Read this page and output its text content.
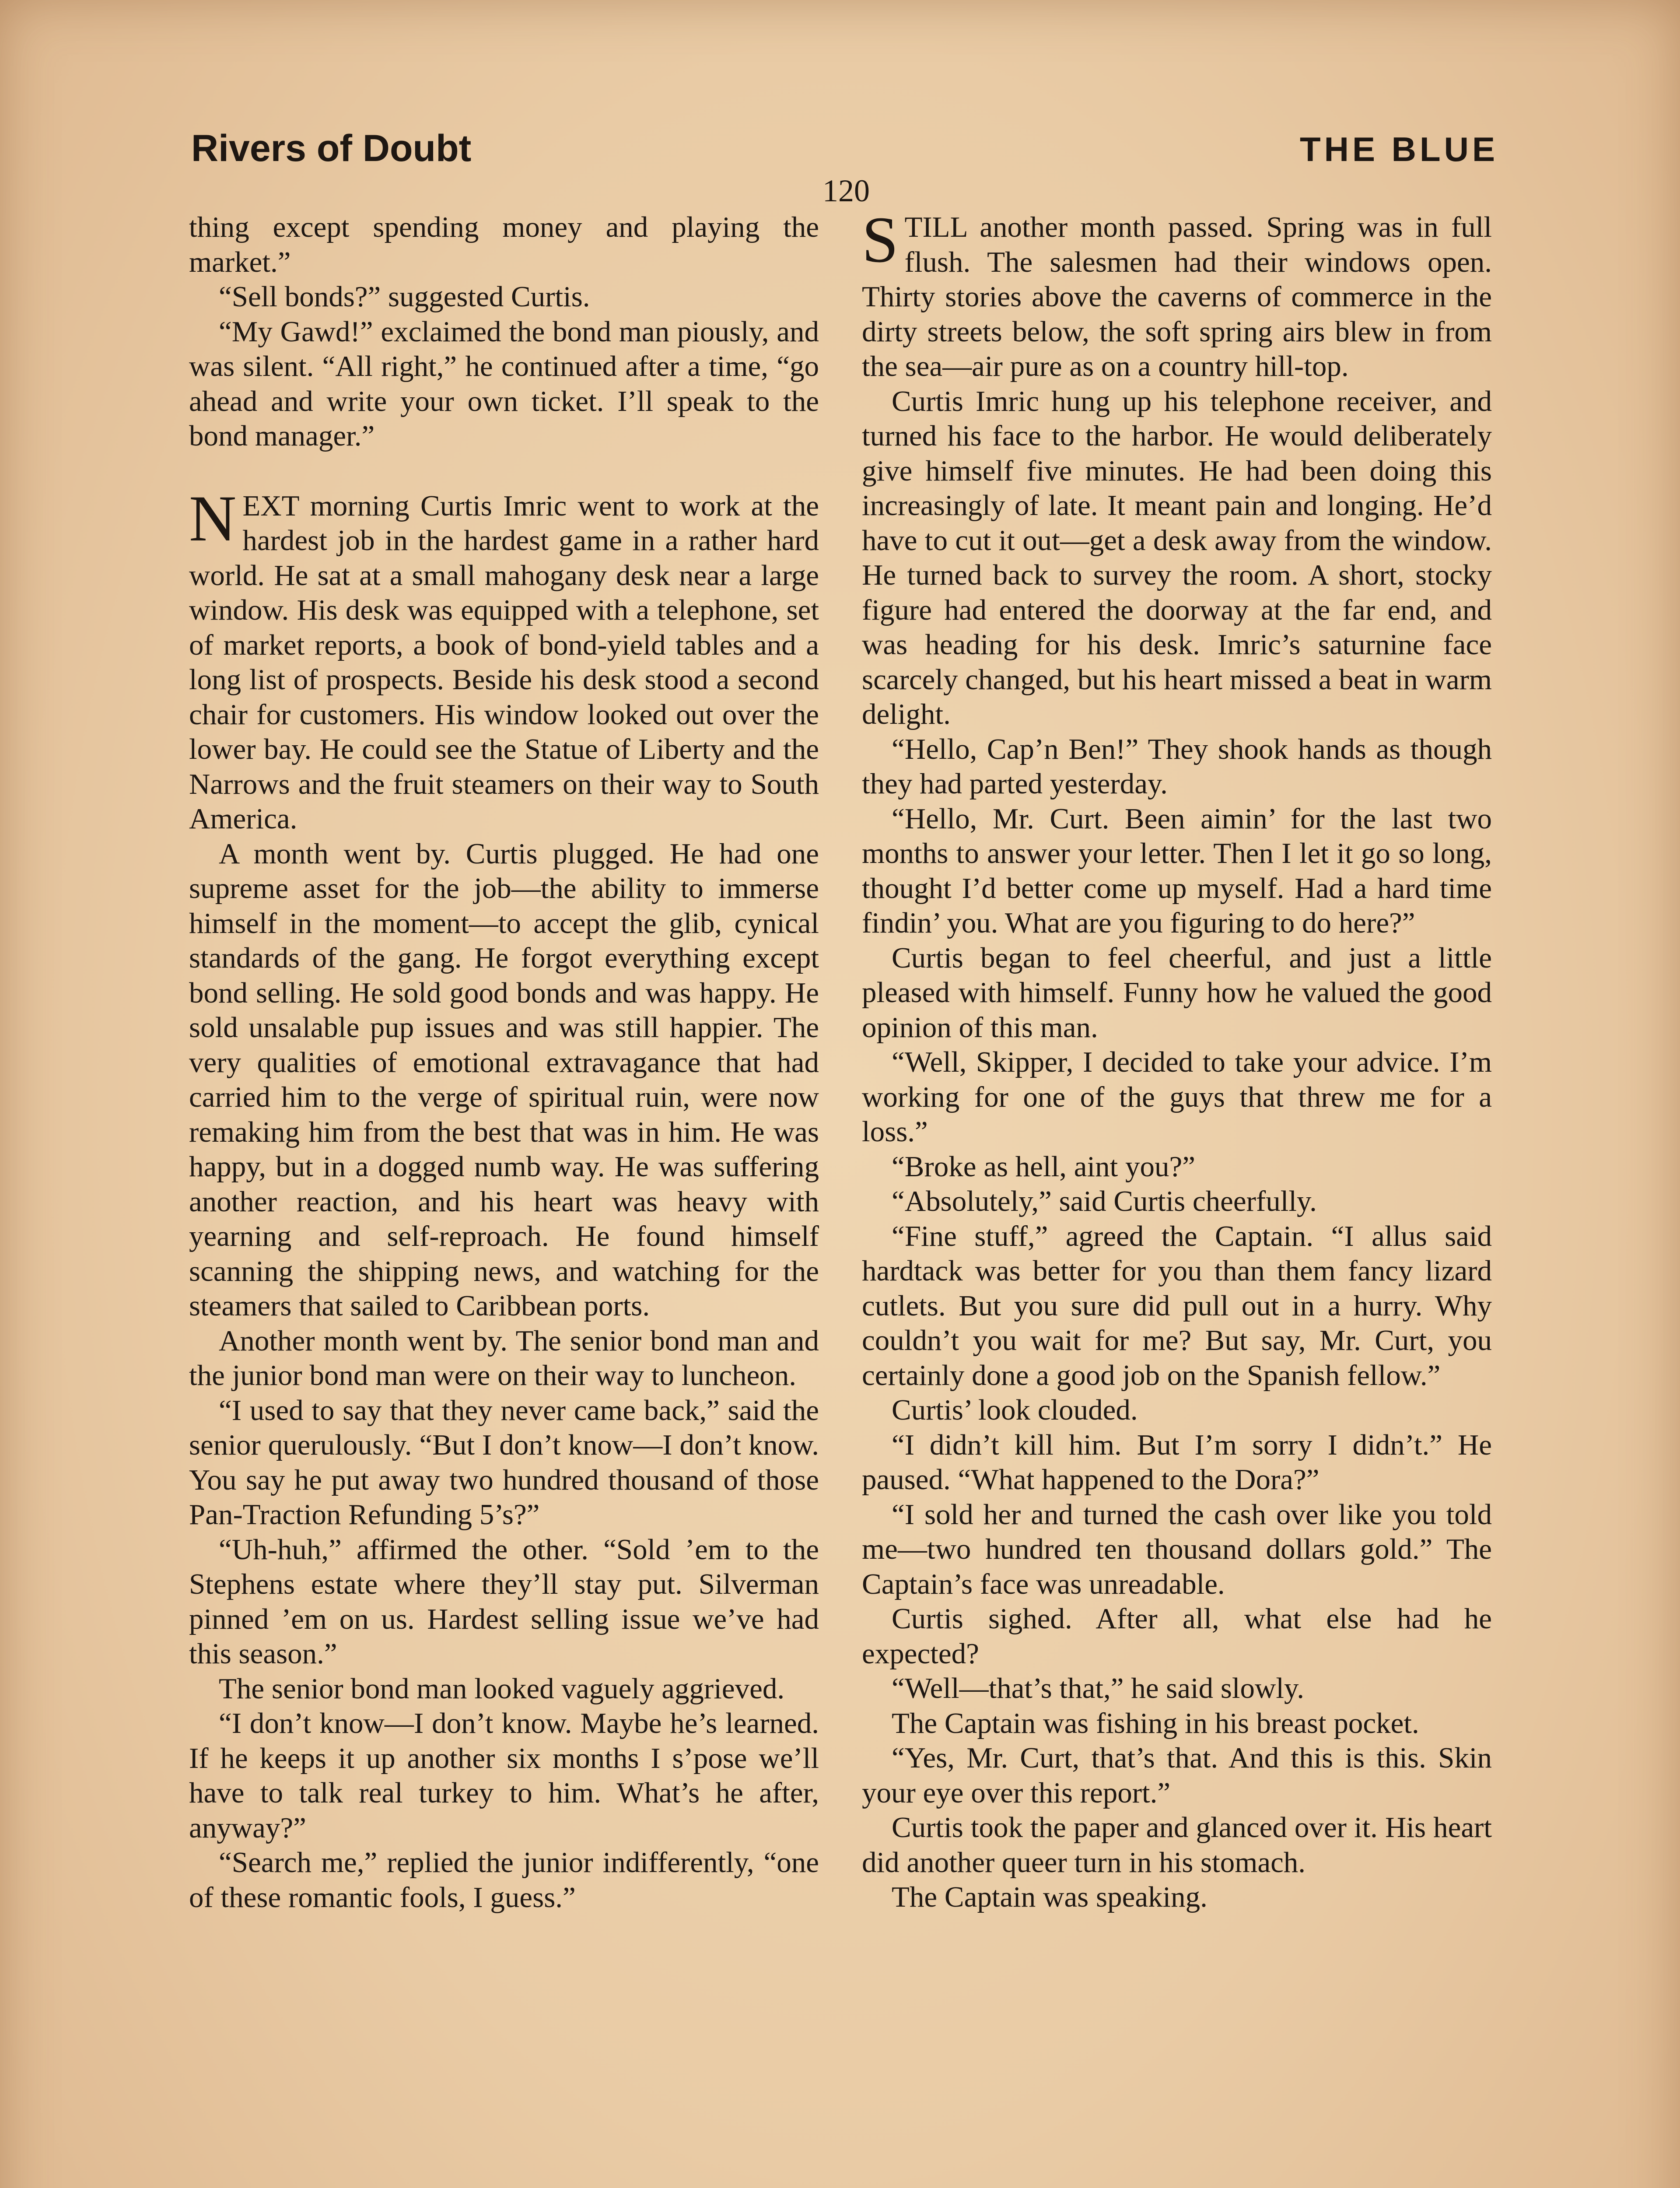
Rivers of Doubt	THE BLUE
120

thing except spending money and playing the market.”

“Sell bonds?” suggested Curtis.

“My Gawd!” exclaimed the bond man piously, and was silent. “All right,” he continued after a time, “go ahead and write your own ticket. I’ll speak to the bond manager.”

NEXT morning Curtis Imric went to work at the hardest job in the hardest game in a rather hard world. He sat at a small mahogany desk near a large window. His desk was equipped with a telephone, set of market reports, a book of bond-yield tables and a long list of prospects. Beside his desk stood a second chair for customers. His window looked out over the lower bay. He could see the Statue of Liberty and the Narrows and the fruit steamers on their way to South America.

A month went by. Curtis plugged. He had one supreme asset for the job—the ability to immerse himself in the moment—to accept the glib, cynical standards of the gang. He forgot everything except bond selling. He sold good bonds and was happy. He sold unsalable pup issues and was still happier. The very qualities of emotional extravagance that had carried him to the verge of spiritual ruin, were now remaking him from the best that was in him. He was happy, but in a dogged numb way. He was suffering another reaction, and his heart was heavy with yearning and self-reproach. He found himself scanning the shipping news, and watching for the steamers that sailed to Caribbean ports.

Another month went by. The senior bond man and the junior bond man were on their way to luncheon.

“I used to say that they never came back,” said the senior querulously. “But I don’t know—I don’t know. You say he put away two hundred thousand of those Pan-Traction Refunding 5’s?”

“Uh-huh,” affirmed the other. “Sold ’em to the Stephens estate where they’ll stay put. Silverman pinned ’em on us. Hardest selling issue we’ve had this season.”

The senior bond man looked vaguely aggrieved.

“I don’t know—I don’t know. Maybe he’s learned. If he keeps it up another six months I s’pose we’ll have to talk real turkey to him. What’s he after, anyway?”

“Search me,” replied the junior indifferently, “one of these romantic fools, I guess.”

STILL another month passed. Spring was in full flush. The salesmen had their windows open. Thirty stories above the caverns of commerce in the dirty streets below, the soft spring airs blew in from the sea—air pure as on a country hill-top.

Curtis Imric hung up his telephone receiver, and turned his face to the harbor. He would deliberately give himself five minutes. He had been doing this increasingly of late. It meant pain and longing. He’d have to cut it out—get a desk away from the window. He turned back to survey the room. A short, stocky figure had entered the doorway at the far end, and was heading for his desk. Imric’s saturnine face scarcely changed, but his heart missed a beat in warm delight.

“Hello, Cap’n Ben!” They shook hands as though they had parted yesterday.

“Hello, Mr. Curt. Been aimin’ for the last two months to answer your letter. Then I let it go so long, thought I’d better come up myself. Had a hard time findin’ you. What are you figuring to do here?”

Curtis began to feel cheerful, and just a little pleased with himself. Funny how he valued the good opinion of this man.

“Well, Skipper, I decided to take your advice. I’m working for one of the guys that threw me for a loss.”

“Broke as hell, aint you?”

“Absolutely,” said Curtis cheerfully.

“Fine stuff,” agreed the Captain. “I allus said hardtack was better for you than them fancy lizard cutlets. But you sure did pull out in a hurry. Why couldn’t you wait for me? But say, Mr. Curt, you certainly done a good job on the Spanish fellow.”

Curtis’ look clouded.

“I didn’t kill him. But I’m sorry I didn’t.” He paused. “What happened to the Dora?”

“I sold her and turned the cash over like you told me—two hundred ten thousand dollars gold.” The Captain’s face was unreadable.

Curtis sighed. After all, what else had he expected?

“Well—that’s that,” he said slowly.

The Captain was fishing in his breast pocket.

“Yes, Mr. Curt, that’s that. And this is this. Skin your eye over this report.”

Curtis took the paper and glanced over it. His heart did another queer turn in his stomach.

The Captain was speaking.
